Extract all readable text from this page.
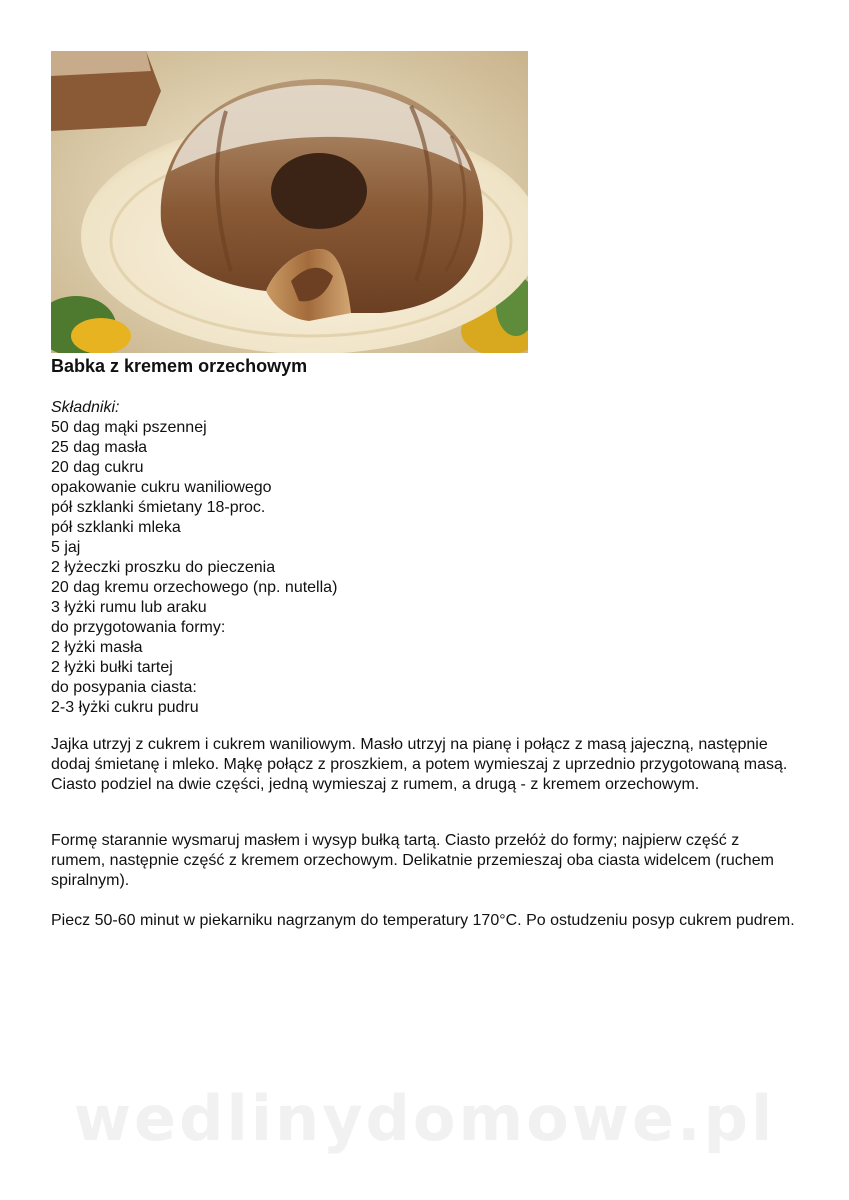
Babka z kremem orzechowym
Składniki:
50 dag mąki pszennej
25 dag masła
20 dag cukru
opakowanie cukru waniliowego
pół szklanki śmietany 18-proc.
pół szklanki mleka
5 jaj
2 łyżeczki proszku do pieczenia
20 dag kremu orzechowego (np. nutella)
3 łyżki rumu lub araku
do przygotowania formy:
2 łyżki masła
2 łyżki bułki tartej
do posypania ciasta:
2-3 łyżki cukru pudru

Jajka utrzyj z cukrem i cukrem waniliowym. Masło utrzyj na pianę i połącz z masą jajeczną, następnie dodaj śmietanę i mleko. Mąkę połącz z proszkiem, a potem wymieszaj z uprzednio przygotowaną masą. Ciasto podziel na dwie części, jedną wymieszaj z rumem, a drugą - z kremem orzechowym.

Formę starannie wysmaruj masłem i wysyp bułką tartą. Ciasto przełóż do formy; najpierw część z rumem, następnie część z kremem orzechowym. Delikatnie przemieszaj oba ciasta widelcem (ruchem spiralnym).

Piecz 50-60 minut w piekarniku nagrzanym do temperatury 170°C. Po ostudzeniu posyp cukrem pudrem.

wedlinydomowe.pl
